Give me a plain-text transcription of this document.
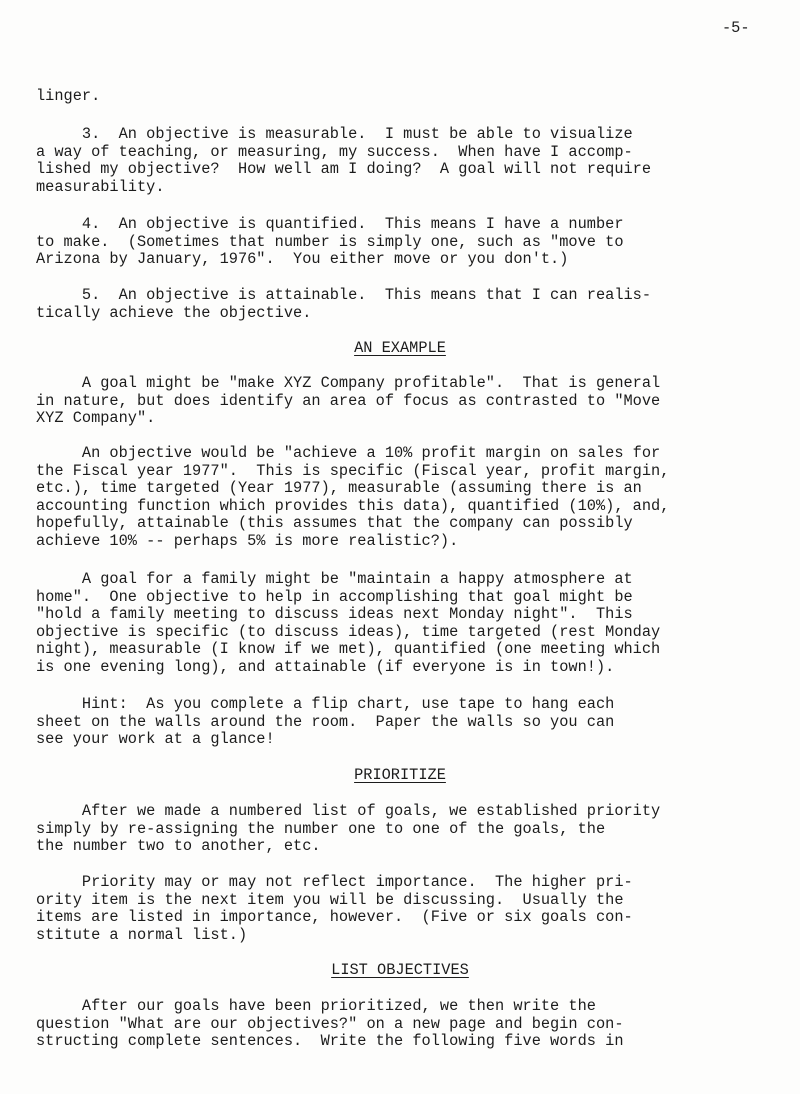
-5-

linger.

3.  An objective is measurable.  I must be able to visualize
a way of teaching, or measuring, my success.  When have I accomp-
lished my objective?  How well am I doing?  A goal will not require
measurability.

4.  An objective is quantified.  This means I have a number
to make.  (Sometimes that number is simply one, such as "move to
Arizona by January, 1976".  You either move or you don't.)

5.  An objective is attainable.  This means that I can realis-
tically achieve the objective.

AN EXAMPLE

A goal might be "make XYZ Company profitable".  That is general
in nature, but does identify an area of focus as contrasted to "Move
XYZ Company".

An objective would be "achieve a 10% profit margin on sales for
the Fiscal year 1977".  This is specific (Fiscal year, profit margin,
etc.), time targeted (Year 1977), measurable (assuming there is an
accounting function which provides this data), quantified (10%), and,
hopefully, attainable (this assumes that the company can possibly
achieve 10% -- perhaps 5% is more realistic?).

A goal for a family might be "maintain a happy atmosphere at
home".  One objective to help in accomplishing that goal might be
"hold a family meeting to discuss ideas next Monday night".  This
objective is specific (to discuss ideas), time targeted (rest Monday
night), measurable (I know if we met), quantified (one meeting which
is one evening long), and attainable (if everyone is in town!).

Hint:  As you complete a flip chart, use tape to hang each
sheet on the walls around the room.  Paper the walls so you can
see your work at a glance!

PRIORITIZE

After we made a numbered list of goals, we established priority
simply by re-assigning the number one to one of the goals, the
the number two to another, etc.

Priority may or may not reflect importance.  The higher pri-
ority item is the next item you will be discussing.  Usually the
items are listed in importance, however.  (Five or six goals con-
stitute a normal list.)

LIST OBJECTIVES

After our goals have been prioritized, we then write the
question "What are our objectives?" on a new page and begin con-
structing complete sentences.  Write the following five words in
